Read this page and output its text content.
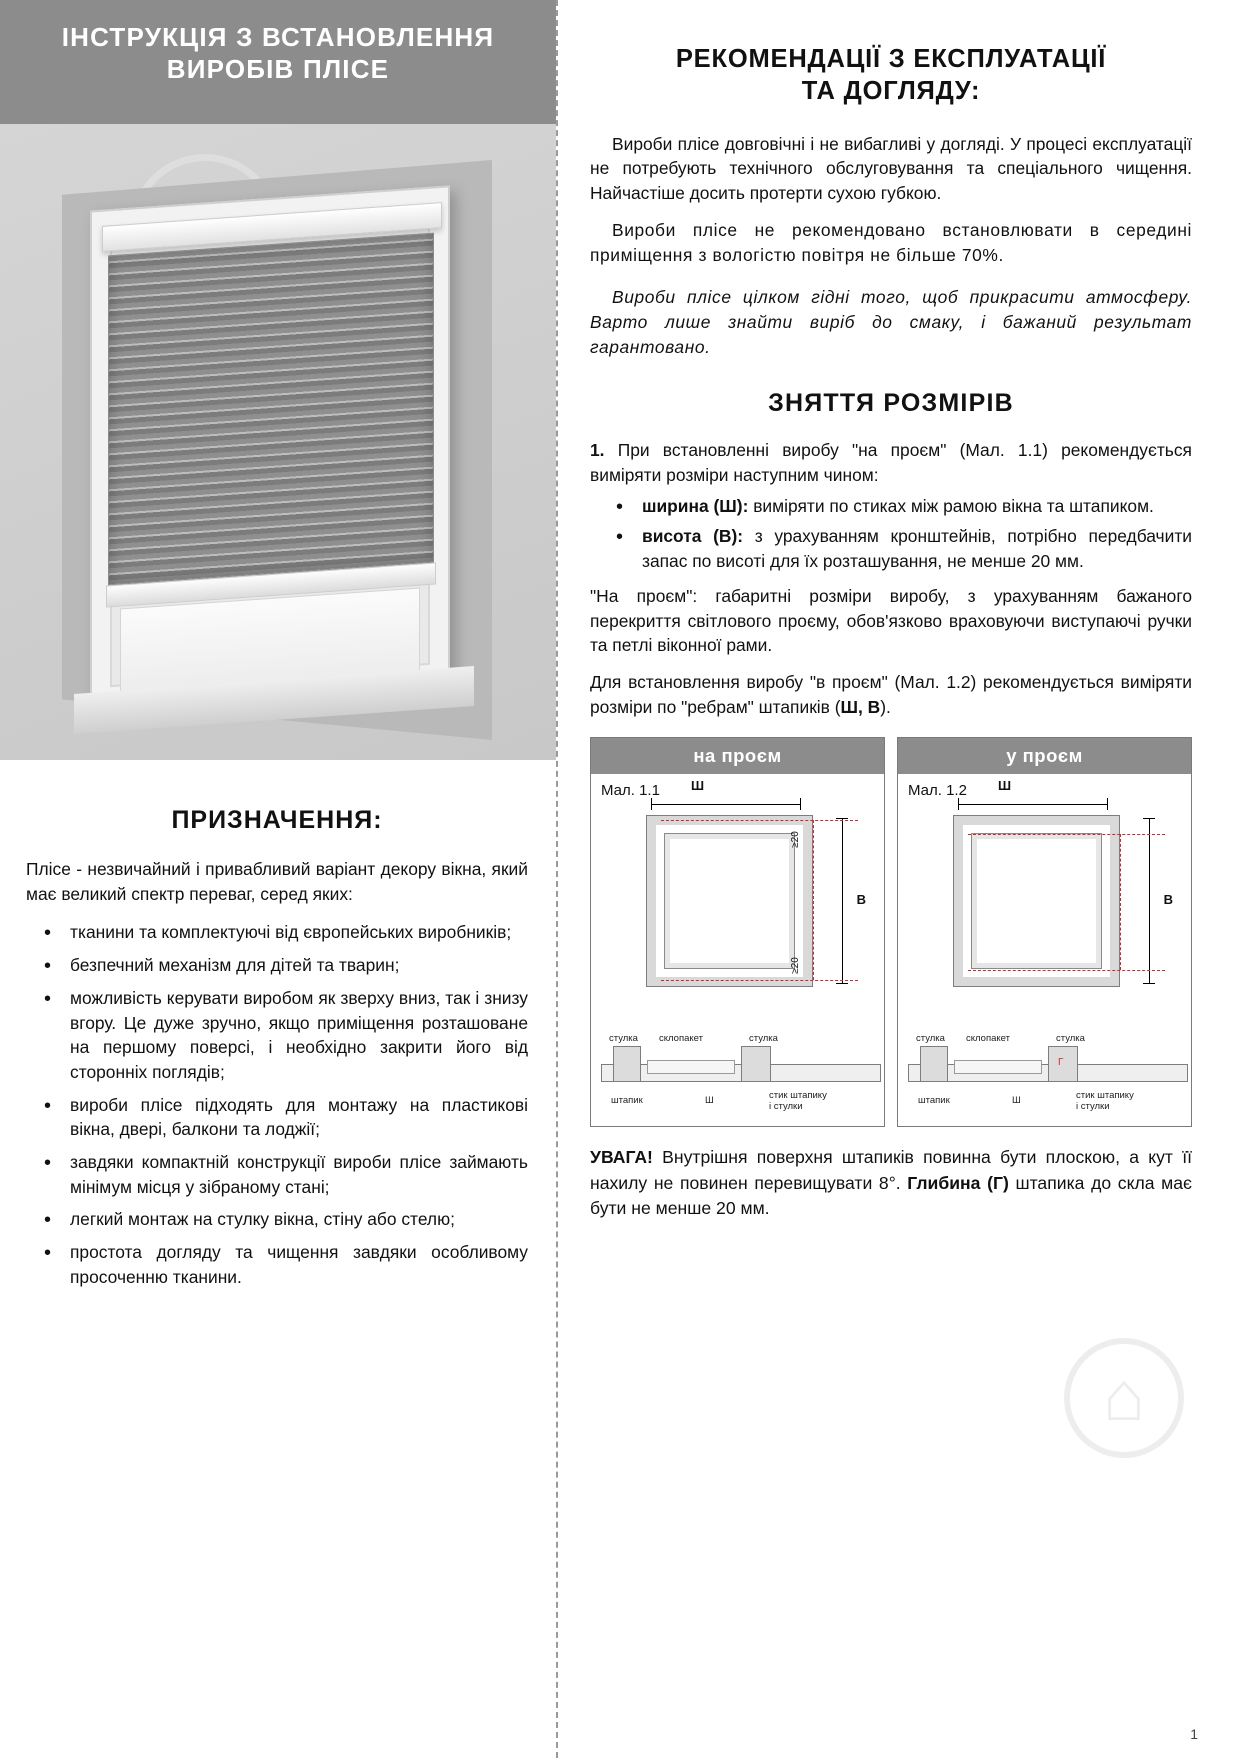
ІНСТРУКЦІЯ З ВСТАНОВЛЕННЯ
ВИРОБІВ ПЛІСЕ
ПРИЗНАЧЕННЯ:

Плісе - незвичайний і привабливий варіант декору вікна, який має великий спектр переваг, серед яких:

• тканини та комплектуючі від європейських виробників;
• безпечний механізм для дітей та тварин;
• можливість керувати виробом як зверху вниз, так і знизу вгору. Це дуже зручно, якщо приміщення розташоване на першому поверсі, і необхідно закрити його від сторонніх поглядів;
• вироби плісе підходять для монтажу на пластикові вікна, двері, балкони та лоджії;
• завдяки компактній конструкції вироби пліcе займають мінімум місця у зібраному стані;
• легкий монтаж на стулку вікна, стіну або стелю;
• простота догляду та чищення завдяки особливому просоченню тканини.
РЕКОМЕНДАЦІЇ З ЕКСПЛУАТАЦІЇ
ТА ДОГЛЯДУ:

Вироби пліcе довговічні і не вибагливі у догляді. У процесі експлуатації не потребують технічного обслуговування та спеціального чищення. Найчастіше досить протерти сухою губкою.

Вироби пліcе не рекомендовано встановлювати в середині приміщення з вологістю повітря не більше 70%.

Вироби пліcе цілком гідні того, щоб прикрасити атмосферу. Варто лише знайти виріб до смаку, і бажаний результат гарантовано.

ЗНЯТТЯ РОЗМІРІВ

1. При встановленні виробу "на проєм" (Мал. 1.1) рекомендується виміряти розміри наступним чином:

• ширина (Ш): виміряти по стиках між рамою вікна та штапиком.
• висота (В): з урахуванням кронштейнів, потрібно передбачити запас по висоті для їх розташування, не менше 20 мм.

"На проєм": габаритні розміри виробу, з урахуванням бажаного перекриття світлового проєму, обов'язково враховуючи виступаючі ручки та петлі віконної рами.

Для встановлення виробу "в проєм" (Мал. 1.2) рекомендується виміряти розміри по "ребрам" штапиків (Ш, В).

на проєм
Мал. 1.1	Ш
В
≥20
≥20
стулка склопакет	стулка
штапик	Ш	стик штапику і стулки
у проєм
Мал. 1.2	Ш
В
Г
стулка склопакет	стулка
штапик	Ш	стик штапику і стулки

УВАГА! Внутрішня поверхня штапиків повинна бути плоскою, а кут її нахилу не повинен перевищувати 8°. Глибина (Г) штапика до скла має бути не менше 20 мм.

⌂
1
